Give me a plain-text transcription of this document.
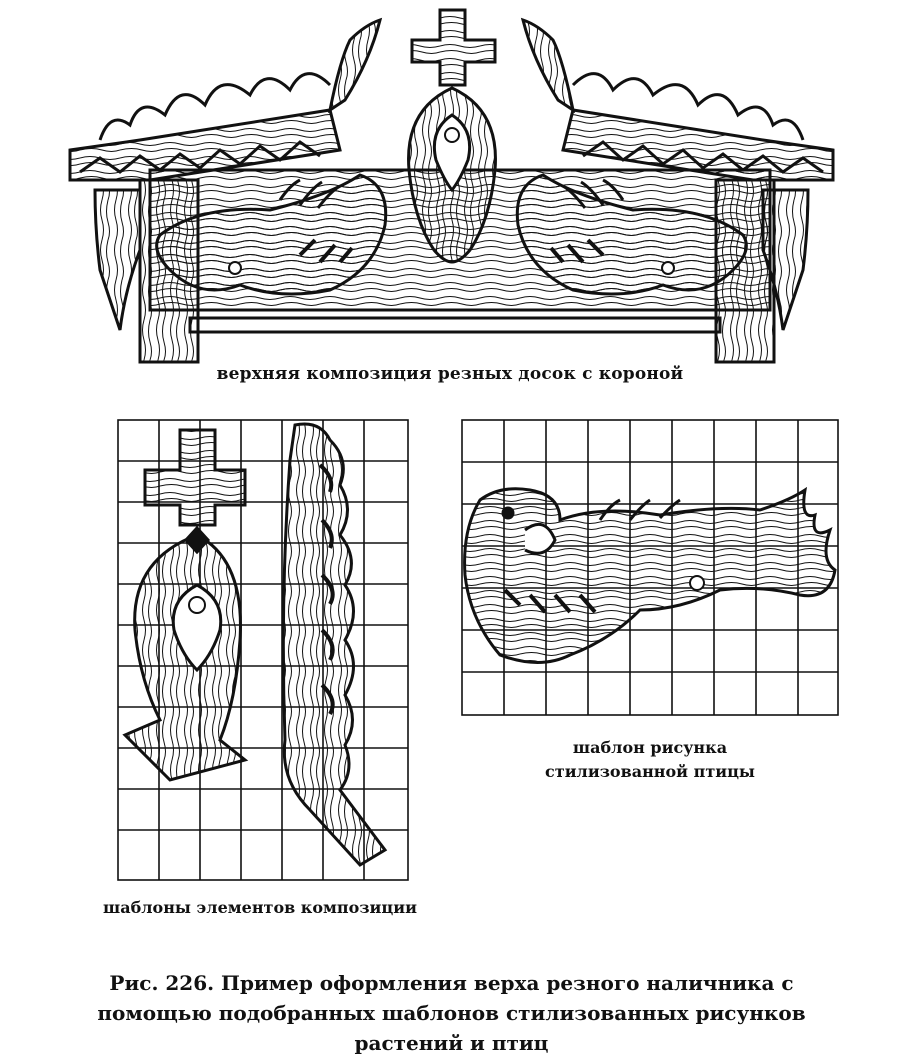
верхняя композиция резных досок с короной
шаблоны элементов композиции
шаблон рисунка
стилизованной птицы
Рис. 226. Пример оформления верха резного наличника с
помощью подобранных шаблонов стилизованных рисунков
растений и птиц
